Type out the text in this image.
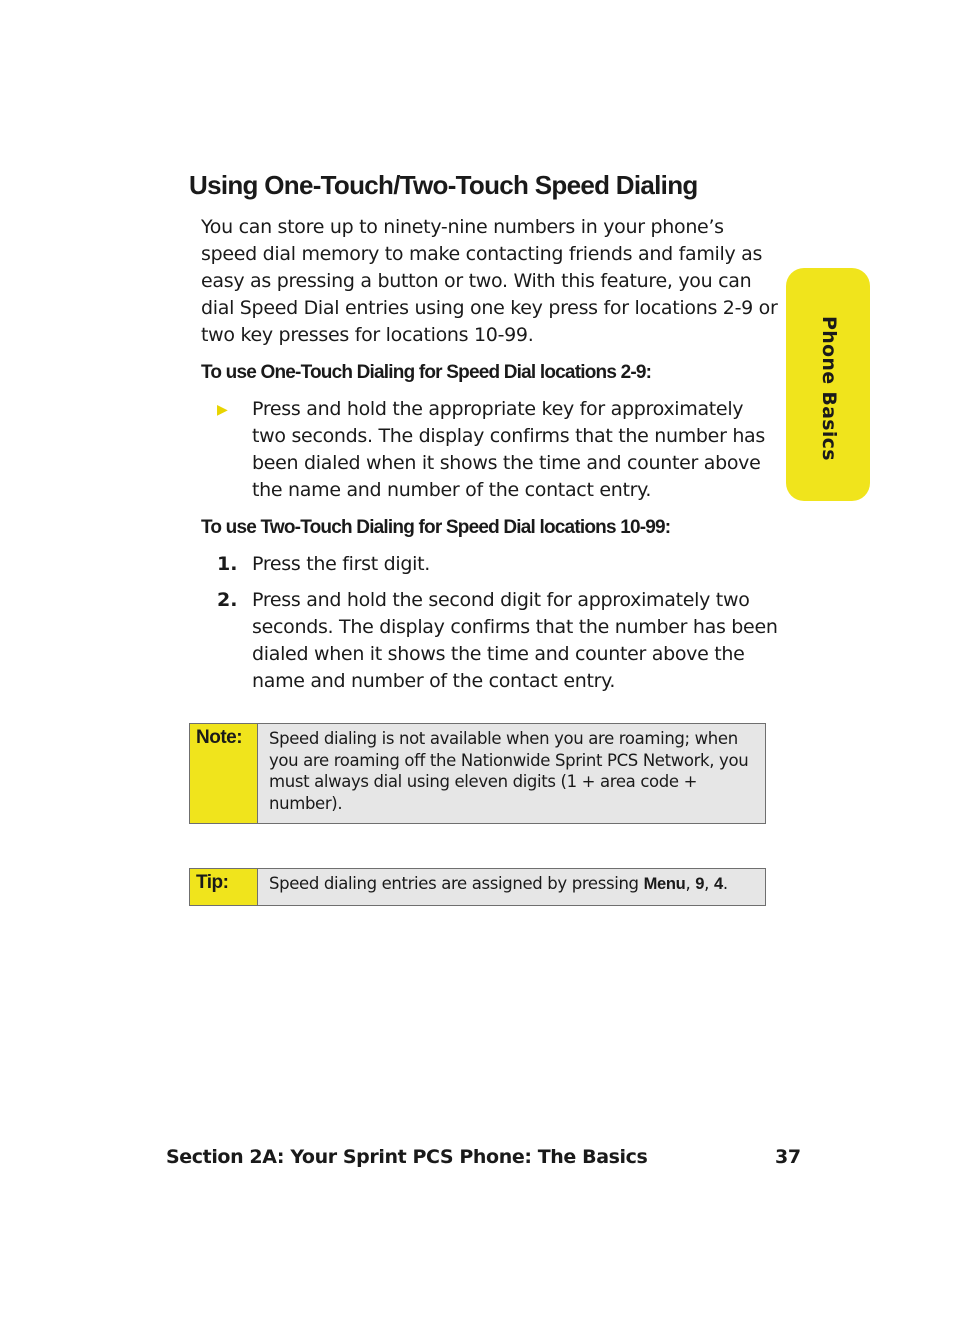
Using One-Touch/Two-Touch Speed Dialing

You can store up to ninety-nine numbers in your phone’s speed dial memory to make contacting friends and family as easy as pressing a button or two. With this feature, you can dial Speed Dial entries using one key press for locations 2-9 or two key presses for locations 10-99.

To use One-Touch Dialing for Speed Dial locations 2-9:

▶ Press and hold the appropriate key for approximately two seconds. The display confirms that the number has been dialed when it shows the time and counter above the name and number of the contact entry.

To use Two-Touch Dialing for Speed Dial locations 10-99:

1. Press the first digit.
2. Press and hold the second digit for approximately two seconds. The display confirms that the number has been dialed when it shows the time and counter above the name and number of the contact entry.
Note:	Speed dialing is not available when you are roaming; when you are roaming off the Nationwide Sprint PCS Network, you must always dial using eleven digits (1 + area code + number).
Tip:	Speed dialing entries are assigned by pressing Menu, 9, 4.
Phone Basics
Section 2A: Your Sprint PCS Phone: The Basics	37
